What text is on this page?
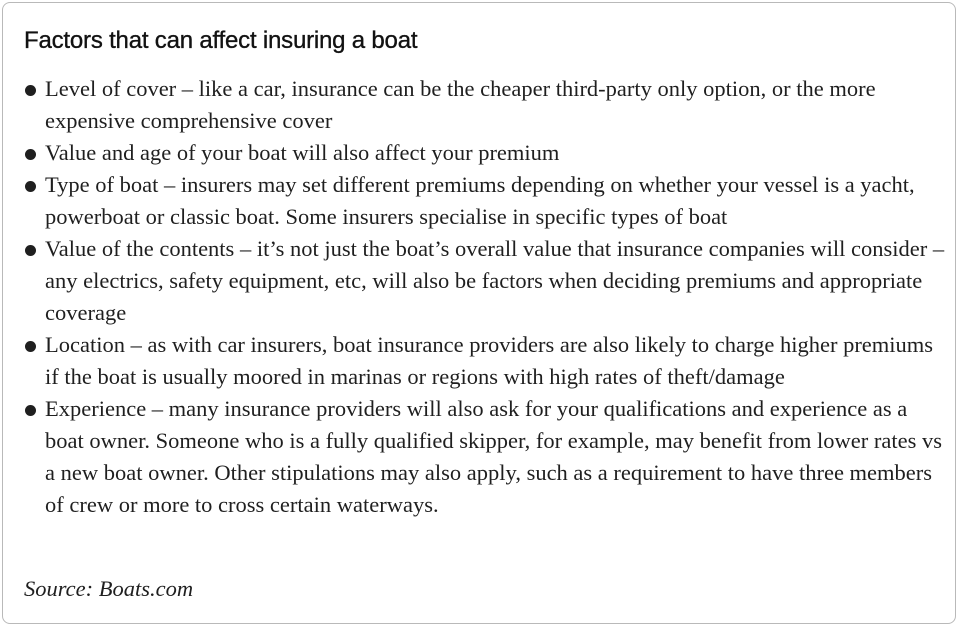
Factors that can affect insuring a boat
Level of cover – like a car, insurance can be the cheaper third-party only option, or the more expensive comprehensive cover
Value and age of your boat will also affect your premium
Type of boat – insurers may set different premiums depending on whether your vessel is a yacht, powerboat or classic boat. Some insurers specialise in specific types of boat
Value of the contents – it’s not just the boat’s overall value that insurance companies will consider – any electrics, safety equipment, etc, will also be factors when deciding premiums and appropriate coverage
Location – as with car insurers, boat insurance providers are also likely to charge higher premiums if the boat is usually moored in marinas or regions with high rates of theft/damage
Experience – many insurance providers will also ask for your qualifications and experience as a boat owner. Someone who is a fully qualified skipper, for example, may benefit from lower rates vs a new boat owner. Other stipulations may also apply, such as a requirement to have three members of crew or more to cross certain waterways.

Source: Boats.com
